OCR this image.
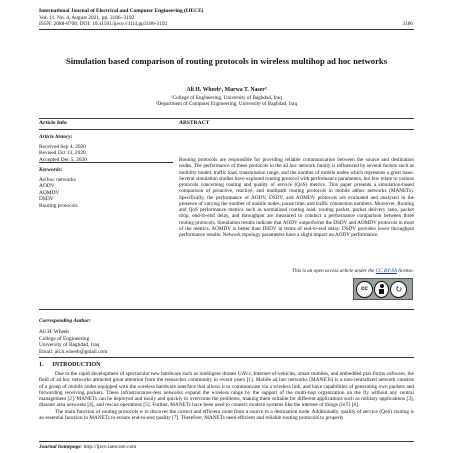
International Journal of Electrical and Computer Engineering (IJECE)
Vol. 11, No. 4, August 2021, pp. 3186~3192
ISSN: 2088-8708, DOI: 10.11591/ijece.v11i4.pp3186-3192	3186
Simulation based comparison of routing protocols in wireless multihop ad hoc networks
Ali H. Wheeb¹, Marwa T. Naser²
¹College of Engineering, University of Baghdad, Iraq
²Department of Computer Engineering, University of Baghdad, Iraq
Article Info	ABSTRACT
Article history:
Received Sep 4, 2020
Revised Oct 13, 2020
Accepted Dec 5, 2020
Keywords:
Ad hoc networks
AODV
AOMDV
DSDV
Routing protocols
Routing protocols are responsible for providing reliable communication between the source and destination nodes. The performance of these protocols in the ad hoc network family is influenced by several factors such as mobility model, traffic load, transmission range, and the number of mobile nodes which represents a great issue. Several simulation studies have explored routing protocol with performance parameters, but few relate to various protocols concerning routing and quality of service (QoS) metrics. This paper presents a simulation-based comparison of proactive, reactive, and multipath routing protocols in mobile adhoc networks (MANETs). Specifically, the performance of AODV, DSDV, and AOMDV protocols are evaluated and analyzed in the presence of varying the number of mobile nodes, pause time, and traffic connection numbers. Moreover, Routing and QoS performance metrics such as normalized routing load, routing packet, packet delivery ratio, packet drop, end-to-end delay, and throughput are measured to conduct a performance comparison between three routing protocols. Simulation results indicate that AODV outperforms the DSDV and AOMDV protocols in most of the metrics. AOMDV is better than DSDV in terms of end-to-end delay. DSDV provides lower throughput performance results. Network topology parameters have a slight impact on AODV performance.
This is an open access article under the CC BY-SA license.
cc	↻
Corresponding Author:
Ali H. Wheeb
College of Engineering
University of Baghdad, Iraq
Email: ali.h.wheeb@gmail.com
1.      INTRODUCTION

Due to the rapid development of spectacular new hardware such as intelligent drones UAVs, Internet-of-vehicles, smart mobiles, and embedded plat-forms software, the field of ad hoc networks attracted great attention from the researcher community in recent years [1]. Mobile ad hoc networks (MANETs) is a non-centralized network consists of a group of mobile nodes equipped with the wireless hardware interface that allows it to communicate via a wireless link, and have capabilities of generating own packets and forwarding receiving packets. These infrastructures-less networks expand the wireless range by the support of the multi-hop organization on the fly without any central management [2]. MANETs can be deployed and easily and quickly to overcome the problems, making them suitable for different applications such as military applications [3], disaster area networks [4], and rescue operations [5]. Further, MANETs have been used to connect modern systems like the internet of things (IoT) [6].

The main function of routing protocols is to discover the correct and efficient route from a source to a destination node. Additionally, quality of service (QoS) routing is an essential function in MANETs to ensure end-to-end quality [7]. Therefore, MANETs need efficient and reliable routing protocols to properly

Journal homepage: http://ijece.iaescore.com
